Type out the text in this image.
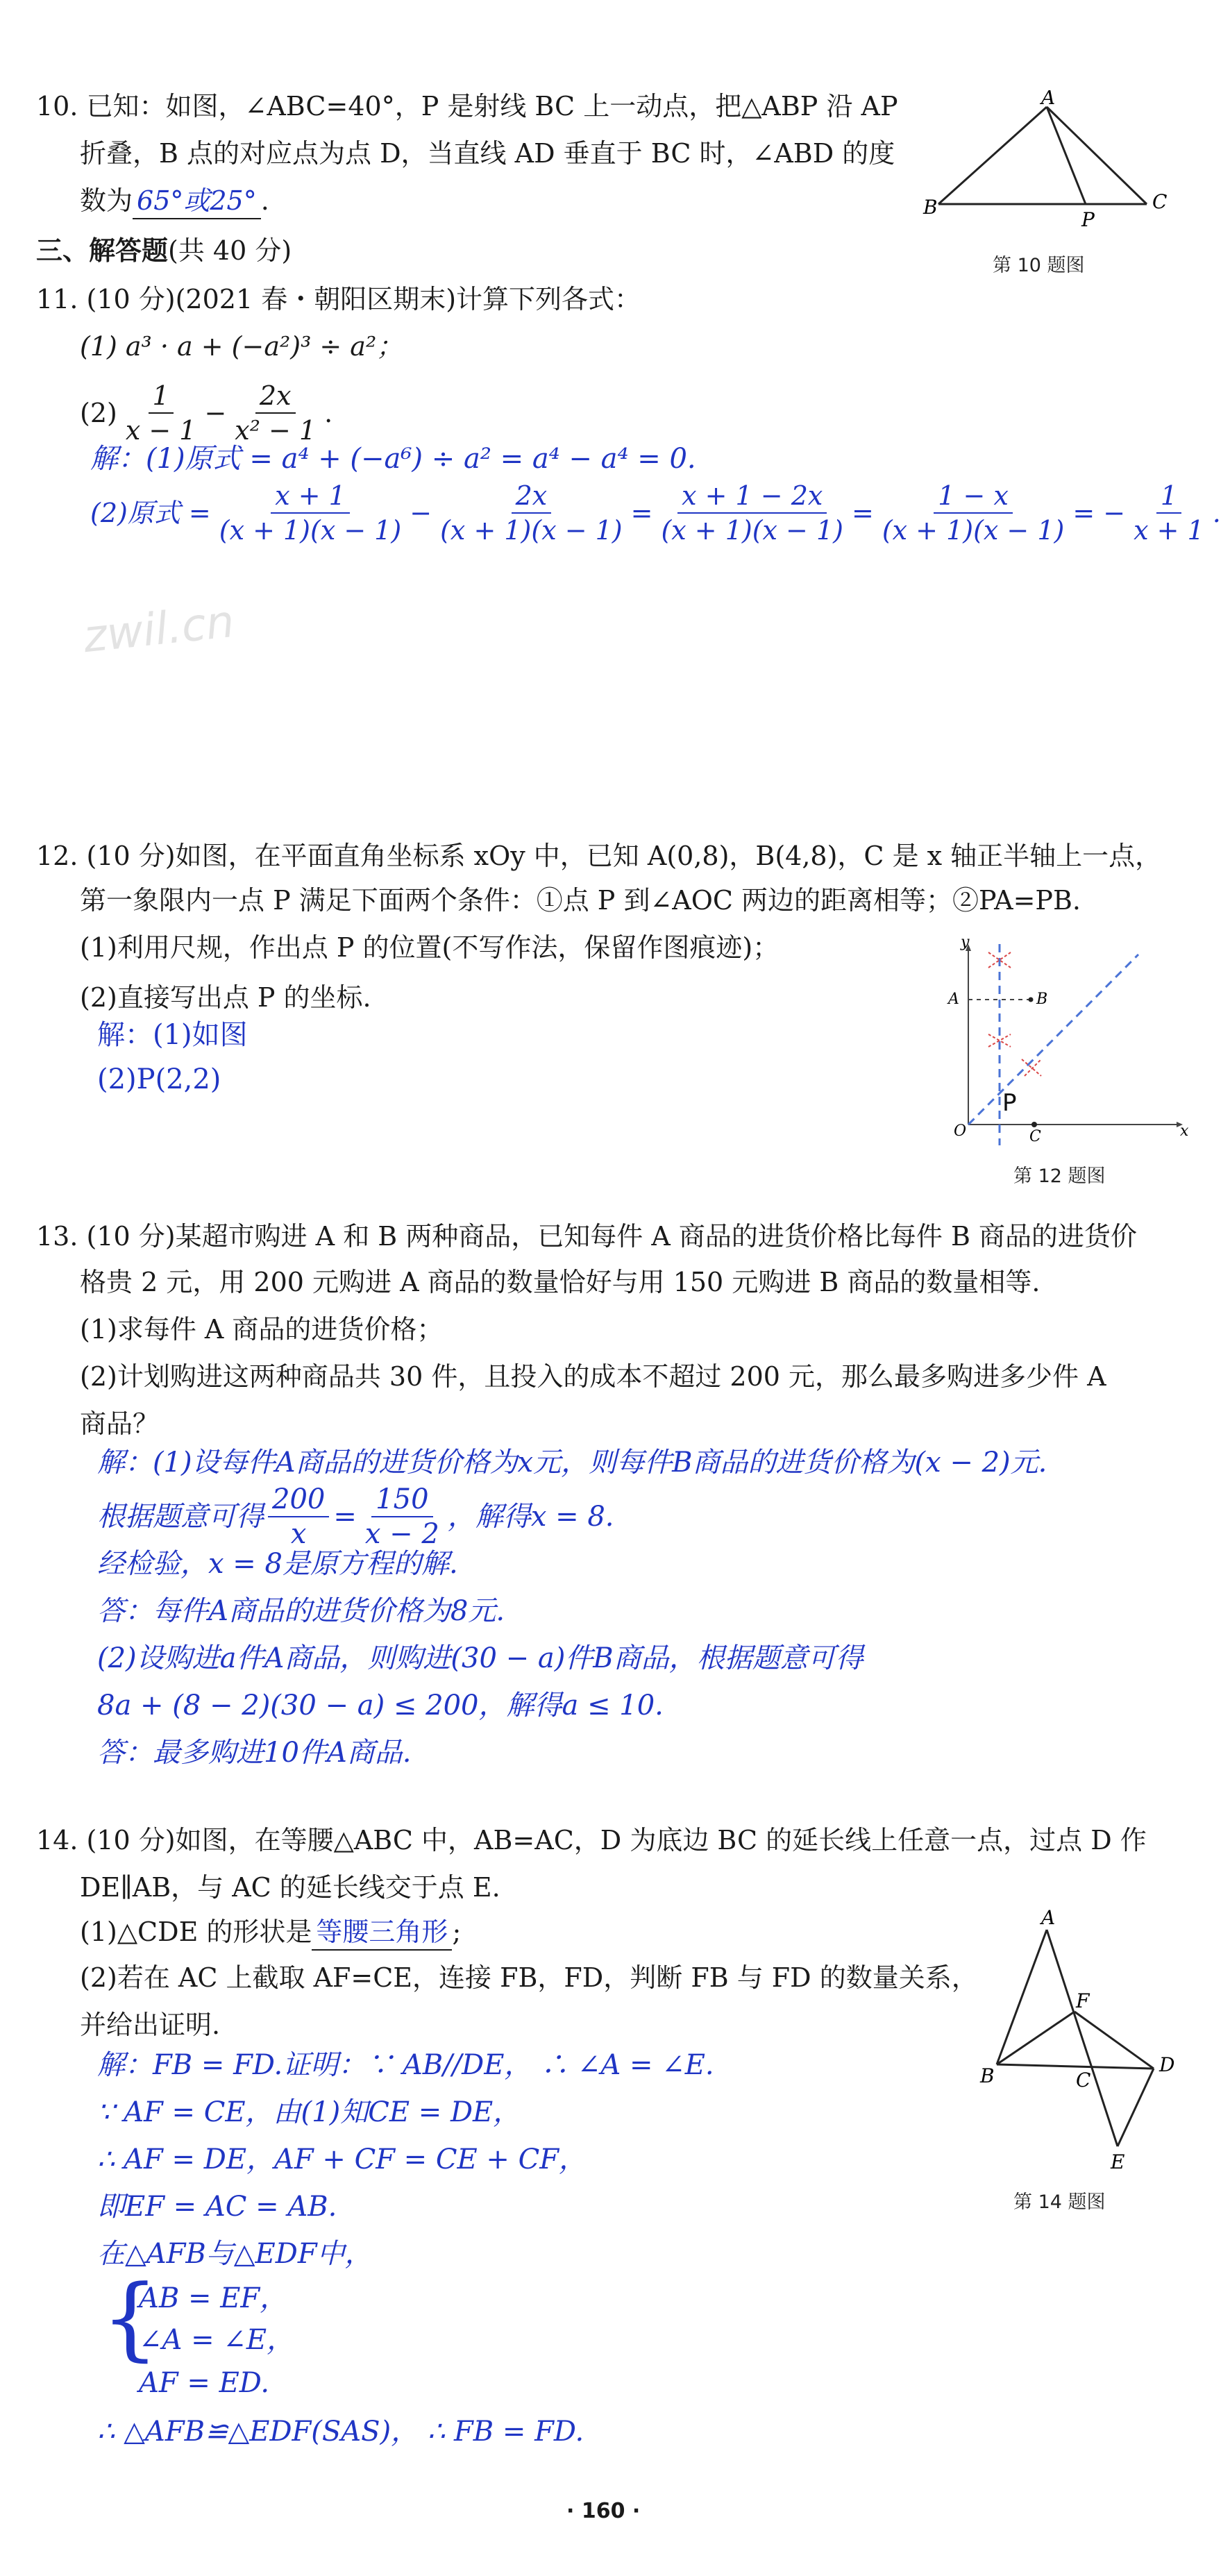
10. 已知：如图，∠ABC=40°，P 是射线 BC 上一动点，把△ABP 沿 AP
折叠，B 点的对应点为点 D，当直线 AD 垂直于 BC 时，∠ABD 的度
数为 65°或25° .
A
B	C
P
第 10 题图
三、解答题(共 40 分)
11. (10 分)(2021 春・朝阳区期末)计算下列各式：
(1) a³ · a + (−a²)³ ÷ a²；
$(2) \frac{1}{x - 1} - \frac{2x}{\text{x² − 1}}$ .
解：(1)原式 = a⁴ + (−a⁶) ÷ a² = a⁴ − a⁴ = 0.
(2)原式 = $\frac{x + 1}{(x + 1)(x - 1)} - \frac{2x}{(x + 1)(x - 1)} = \frac{x + 1 - 2x}{(x + 1)(x - 1)} = \frac{1 - x}{(x + 1)(x - 1)}$ = − $\frac{1}{x + 1}$ .
zwil.cn
12. (10 分)如图，在平面直角坐标系 xOy 中，已知 A(0,8)，B(4,8)，C 是 x 轴正半轴上一点，
第一象限内一点 P 满足下面两个条件：①点 P 到∠AOC 两边的距离相等；②PA=PB.
(1)利用尺规，作出点 P 的位置(不写作法，保留作图痕迹)；
(2)直接写出点 P 的坐标.
解：(1)如图
(2)P(2,2)
y
A	B
O	C	x
P
第 12 题图
13. (10 分)某超市购进 A 和 B 两种商品，已知每件 A 商品的进货价格比每件 B 商品的进货价
格贵 2 元，用 200 元购进 A 商品的数量恰好与用 150 元购进 B 商品的数量相等.
(1)求每件 A 商品的进货价格；
(2)计划购进这两种商品共 30 件，且投入的成本不超过 200 元，那么最多购进多少件 A
商品？
解：(1)设每件A商品的进货价格为x元，则每件B商品的进货价格为(x − 2)元.
根据题意可得 $\frac{200}{x} = \frac{150}{x - 2}$ ，解得x = 8.
经检验，x = 8是原方程的解.
答：每件A商品的进货价格为8元.
(2)设购进a件A商品，则购进(30 − a)件B商品，根据题意可得
8a + (8 − 2)(30 − a) ≤ 200，解得a ≤ 10.
答：最多购进10件A商品.
14. (10 分)如图，在等腰△ABC 中，AB=AC，D 为底边 BC 的延长线上任意一点，过点 D 作
DE∥AB，与 AC 的延长线交于点 E.
(1)△CDE 的形状是 等腰三角形 ;
(2)若在 AC 上截取 AF=CE，连接 FB，FD，判断 FB 与 FD 的数量关系，
并给出证明.
解：FB = FD.证明：∵ AB//DE， ∴ ∠A = ∠E.
∵ AF = CE，由(1)知CE = DE，
∴ AF = DE，AF + CF = CE + CF，
即EF = AC = AB.
在△AFB与△EDF中，
{
AB = EF，
∠A = ∠E，
AF = ED.
∴ △AFB≌△EDF(SAS)， ∴ FB = FD.
A
F
B	C
D
E
第 14 题图
· 160 ·
